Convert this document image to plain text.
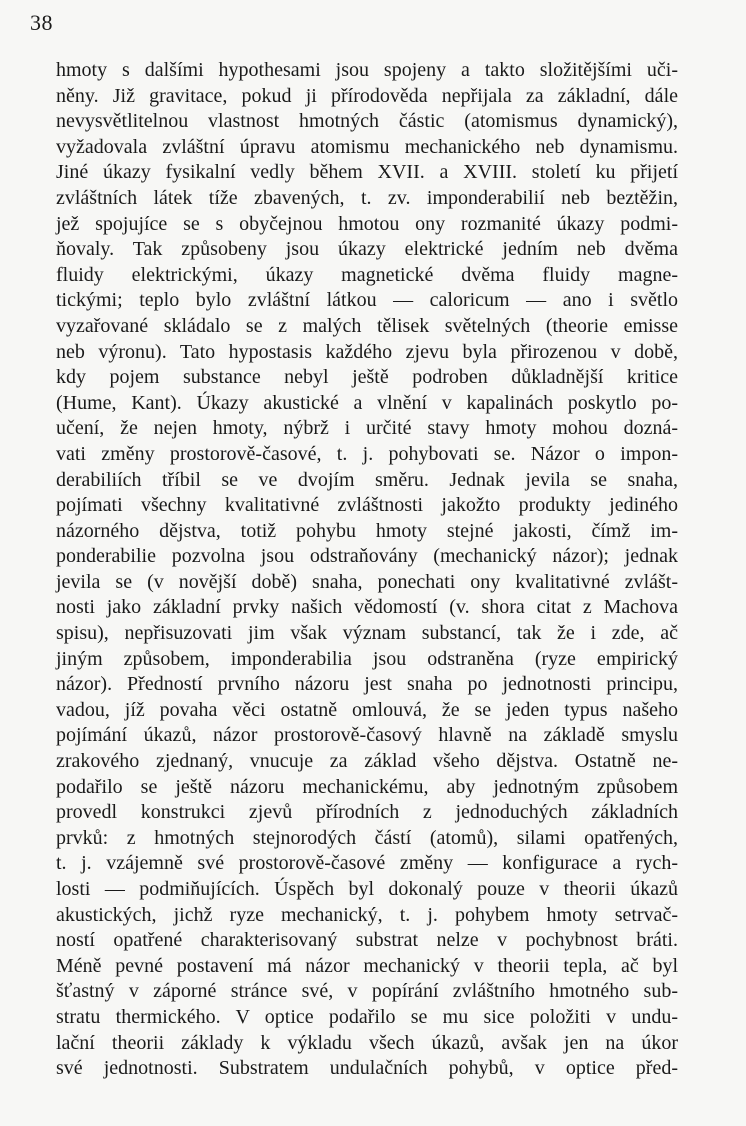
38
hmoty s dalšími hypothesami jsou spojeny a takto složitějšími uči-
něny. Již gravitace, pokud ji přírodověda nepřijala za základní, dále
nevysvětlitelnou vlastnost hmotných částic (atomismus dynamický),
vyžadovala zvláštní úpravu atomismu mechanického neb dynamismu.
Jiné úkazy fysikalní vedly během XVII. a XVIII. století ku přijetí
zvláštních látek tíže zbavených, t. zv. imponderabilií neb beztěžin,
jež spojujíce se s obyčejnou hmotou ony rozmanité úkazy podmi-
ňovaly. Tak způsobeny jsou úkazy elektrické jedním neb dvěma
fluidy elektrickými, úkazy magnetické dvěma fluidy magne-
tickými; teplo bylo zvláštní látkou — caloricum — ano i světlo
vyzařované skládalo se z malých tělisek světelných (theorie emisse
neb výronu). Tato hypostasis každého zjevu byla přirozenou v době,
kdy pojem substance nebyl ještě podroben důkladnější kritice
(Hume, Kant). Úkazy akustické a vlnění v kapalinách poskytlo po-
učení, že nejen hmoty, nýbrž i určité stavy hmoty mohou dozná-
vati změny prostorově-časové, t. j. pohybovati se. Názor o impon-
derabiliích tříbil se ve dvojím směru. Jednak jevila se snaha,
pojímati všechny kvalitativné zvláštnosti jakožto produkty jediného
názorného dějstva, totiž pohybu hmoty stejné jakosti, čímž im-
ponderabilie pozvolna jsou odstraňovány (mechanický názor); jednak
jevila se (v novější době) snaha, ponechati ony kvalitativné zvlášt-
nosti jako základní prvky našich vědomostí (v. shora citat z Machova
spisu), nepřisuzovati jim však význam substancí, tak že i zde, ač
jiným způsobem, imponderabilia jsou odstraněna (ryze empirický
názor). Předností prvního názoru jest snaha po jednotnosti principu,
vadou, jíž povaha věci ostatně omlouvá, že se jeden typus našeho
pojímání úkazů, názor prostorově-časový hlavně na základě smyslu
zrakového zjednaný, vnucuje za základ všeho dějstva. Ostatně ne-
podařilo se ještě názoru mechanickému, aby jednotným způsobem
provedl konstrukci zjevů přírodních z jednoduchých základních
prvků: z hmotných stejnorodých částí (atomů), silami opatřených,
t. j. vzájemně své prostorově-časové změny — konfigurace a rych-
losti — podmiňujících. Úspěch byl dokonalý pouze v theorii úkazů
akustických, jichž ryze mechanický, t. j. pohybem hmoty setrvač-
ností opatřené charakterisovaný substrat nelze v pochybnost bráti.
Méně pevné postavení má názor mechanický v theorii tepla, ač byl
šťastný v záporné stránce své, v popírání zvláštního hmotného sub-
stratu thermického. V optice podařilo se mu sice položiti v undu-
lační theorii základy k výkladu všech úkazů, avšak jen na úkor
své jednotnosti. Substratem undulačních pohybů, v optice před-
